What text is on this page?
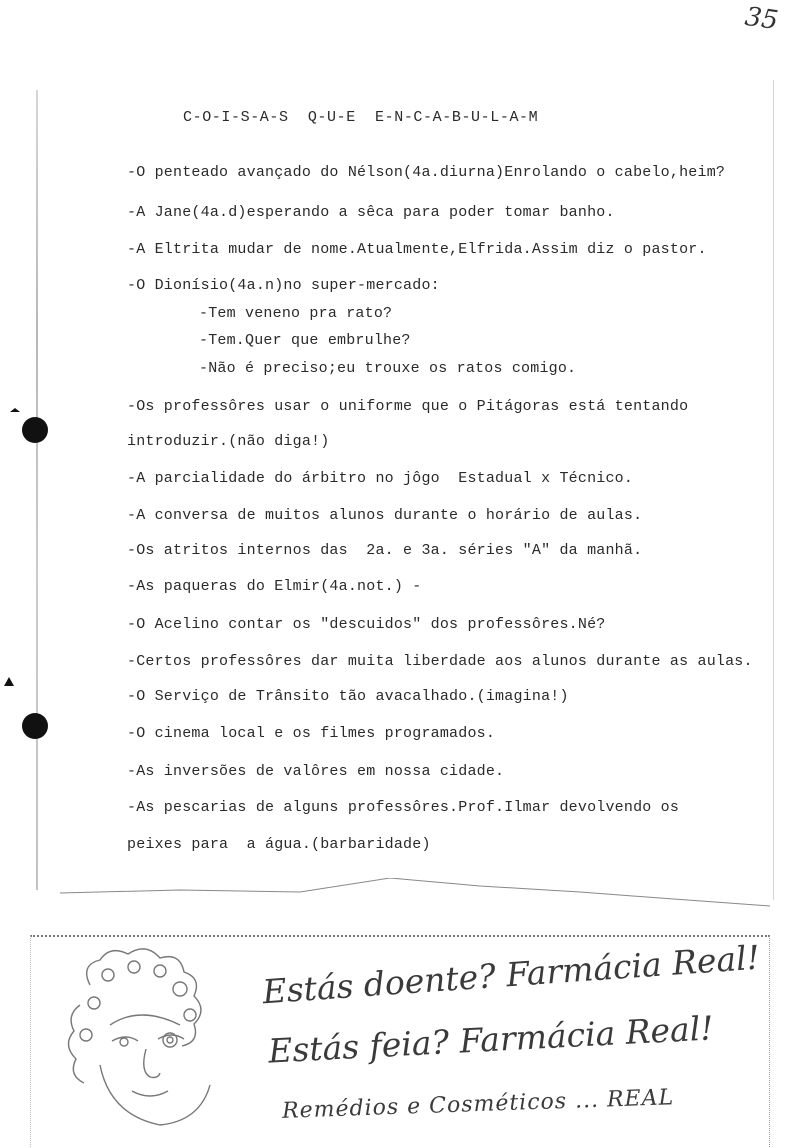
35
C-O-I-S-A-S  Q-U-E  E-N-C-A-B-U-L-A-M
-O penteado avançado do Nélson(4a.diurna)Enrolando o cabelo,heim?
-A Jane(4a.d)esperando a sêca para poder tomar banho.
-A Eltrita mudar de nome.Atualmente,Elfrida.Assim diz o pastor.
-O Dionísio(4a.n)no super-mercado:
-Tem veneno pra rato?
-Tem.Quer que embrulhe?
-Não é preciso;eu trouxe os ratos comigo.
-Os professôres usar o uniforme que o Pitágoras está tentando
introduzir.(não diga!)
-A parcialidade do árbitro no jôgo  Estadual x Técnico.
-A conversa de muitos alunos durante o horário de aulas.
-Os atritos internos das  2a. e 3a. séries "A" da manhã.
-As paqueras do Elmir(4a.not.) -
-O Acelino contar os "descuidos" dos professôres.Né?
-Certos professôres dar muita liberdade aos alunos durante as aulas.
-O Serviço de Trânsito tão avacalhado.(imagina!)
-O cinema local e os filmes programados.
-As inversões de valôres em nossa cidade.
-As pescarias de alguns professôres.Prof.Ilmar devolvendo os
peixes para  a água.(barbaridade)
Estás doente? Farmácia Real!
Estás feia? Farmácia Real!
Remédios e Cosméticos ... REAL
